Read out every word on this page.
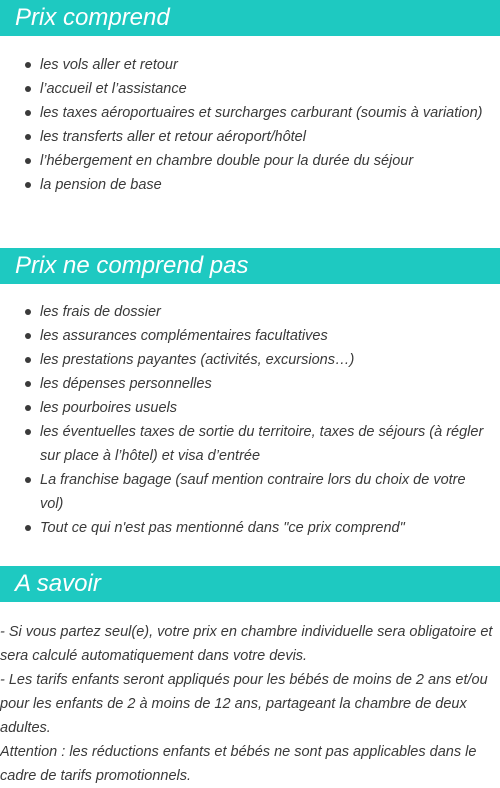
Prix comprend
les vols aller et retour
l’accueil et l’assistance
les taxes aéroportuaires et surcharges carburant (soumis à variation)
les transferts aller et retour aéroport/hôtel
l’hébergement en chambre double pour la durée du séjour
la pension de base
Prix ne comprend pas
les frais de dossier
les assurances complémentaires facultatives
les prestations payantes (activités, excursions…)
les dépenses personnelles
les pourboires usuels
les éventuelles taxes de sortie du territoire, taxes de séjours (à régler sur place à l’hôtel) et visa d’entrée
La franchise bagage (sauf mention contraire lors du choix de votre vol)
Tout ce qui n'est pas mentionné dans "ce prix comprend"
A savoir

- Si vous partez seul(e), votre prix en chambre individuelle sera obligatoire et sera calculé automatiquement dans votre devis.

- Les tarifs enfants seront appliqués pour les bébés de moins de 2 ans et/ou pour les enfants de 2 à moins de 12 ans, partageant la chambre de deux adultes.

Attention : les réductions enfants et bébés ne sont pas applicables dans le cadre de tarifs promotionnels.
